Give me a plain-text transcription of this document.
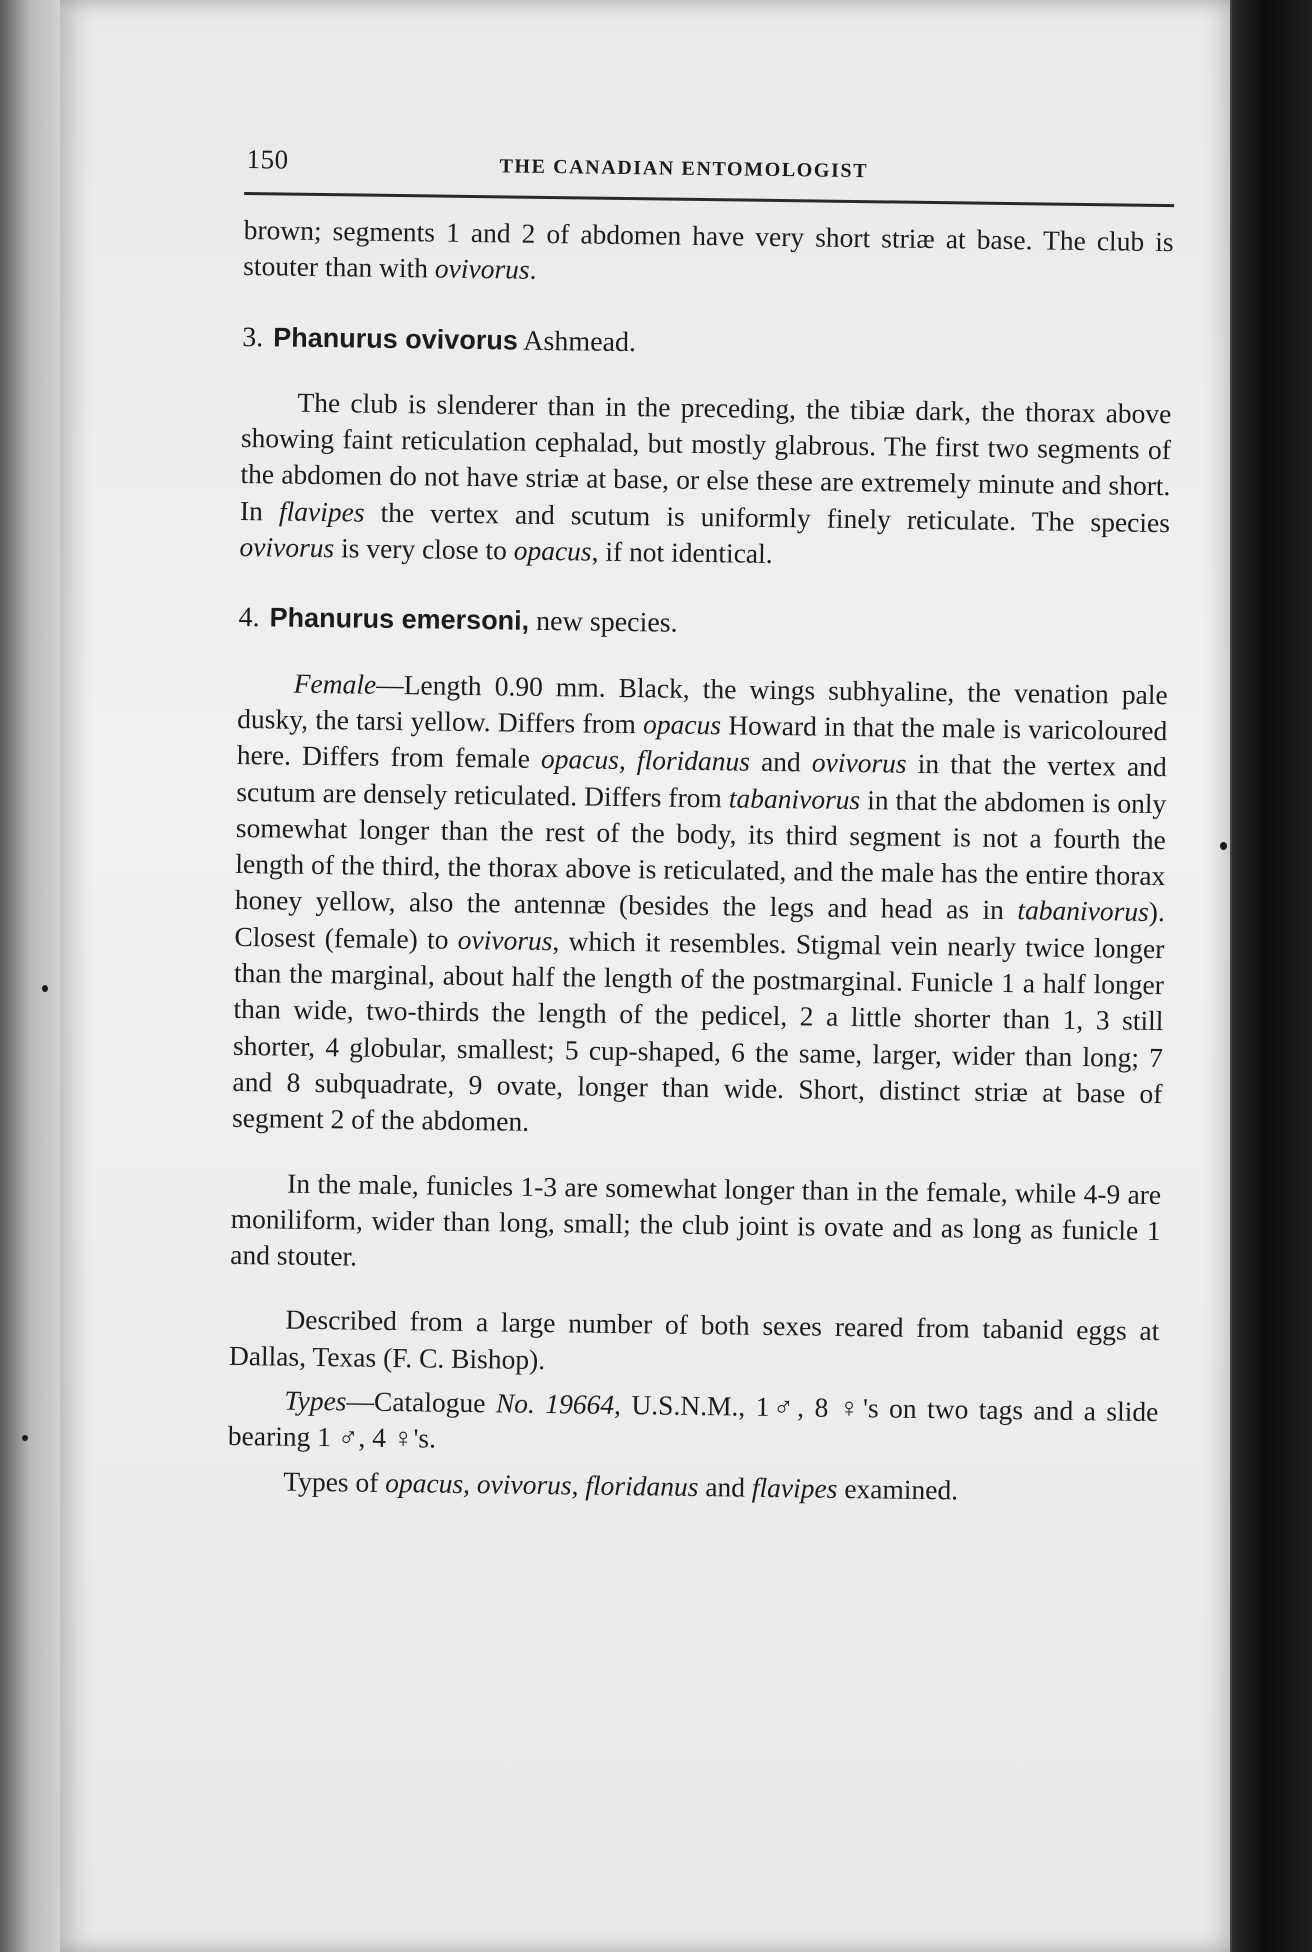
150	THE CANADIAN ENTOMOLOGIST

brown; segments 1 and 2 of abdomen have very short striæ at base. The club is stouter than with ovivorus.

3. Phanurus ovivorus Ashmead.

The club is slenderer than in the preceding, the tibiæ dark, the thorax above showing faint reticulation cephalad, but mostly glabrous. The first two segments of the abdomen do not have striæ at base, or else these are extremely minute and short. In flavipes the vertex and scutum is uniformly finely reticulate. The species ovivorus is very close to opacus, if not identical.

4. Phanurus emersoni, new species.

Female—Length 0.90 mm. Black, the wings subhyaline, the venation pale dusky, the tarsi yellow. Differs from opacus Howard in that the male is varicoloured here. Differs from female opacus, floridanus and ovivorus in that the vertex and scutum are densely reticulated. Differs from tabanivorus in that the abdomen is only somewhat longer than the rest of the body, its third segment is not a fourth the length of the third, the thorax above is reticulated, and the male has the entire thorax honey yellow, also the antennæ (besides the legs and head as in tabanivorus). Closest (female) to ovivorus, which it resembles. Stigmal vein nearly twice longer than the marginal, about half the length of the postmarginal. Funicle 1 a half longer than wide, two-thirds the length of the pedicel, 2 a little shorter than 1, 3 still shorter, 4 globular, smallest; 5 cup-shaped, 6 the same, larger, wider than long; 7 and 8 subquadrate, 9 ovate, longer than wide. Short, distinct striæ at base of segment 2 of the abdomen.

In the male, funicles 1-3 are somewhat longer than in the female, while 4-9 are moniliform, wider than long, small; the club joint is ovate and as long as funicle 1 and stouter.

Described from a large number of both sexes reared from tabanid eggs at Dallas, Texas (F. C. Bishop).

Types—Catalogue No. 19664, U.S.N.M., 1♂, 8 ♀'s on two tags and a slide bearing 1 ♂, 4 ♀'s.

Types of opacus, ovivorus, floridanus and flavipes examined.
